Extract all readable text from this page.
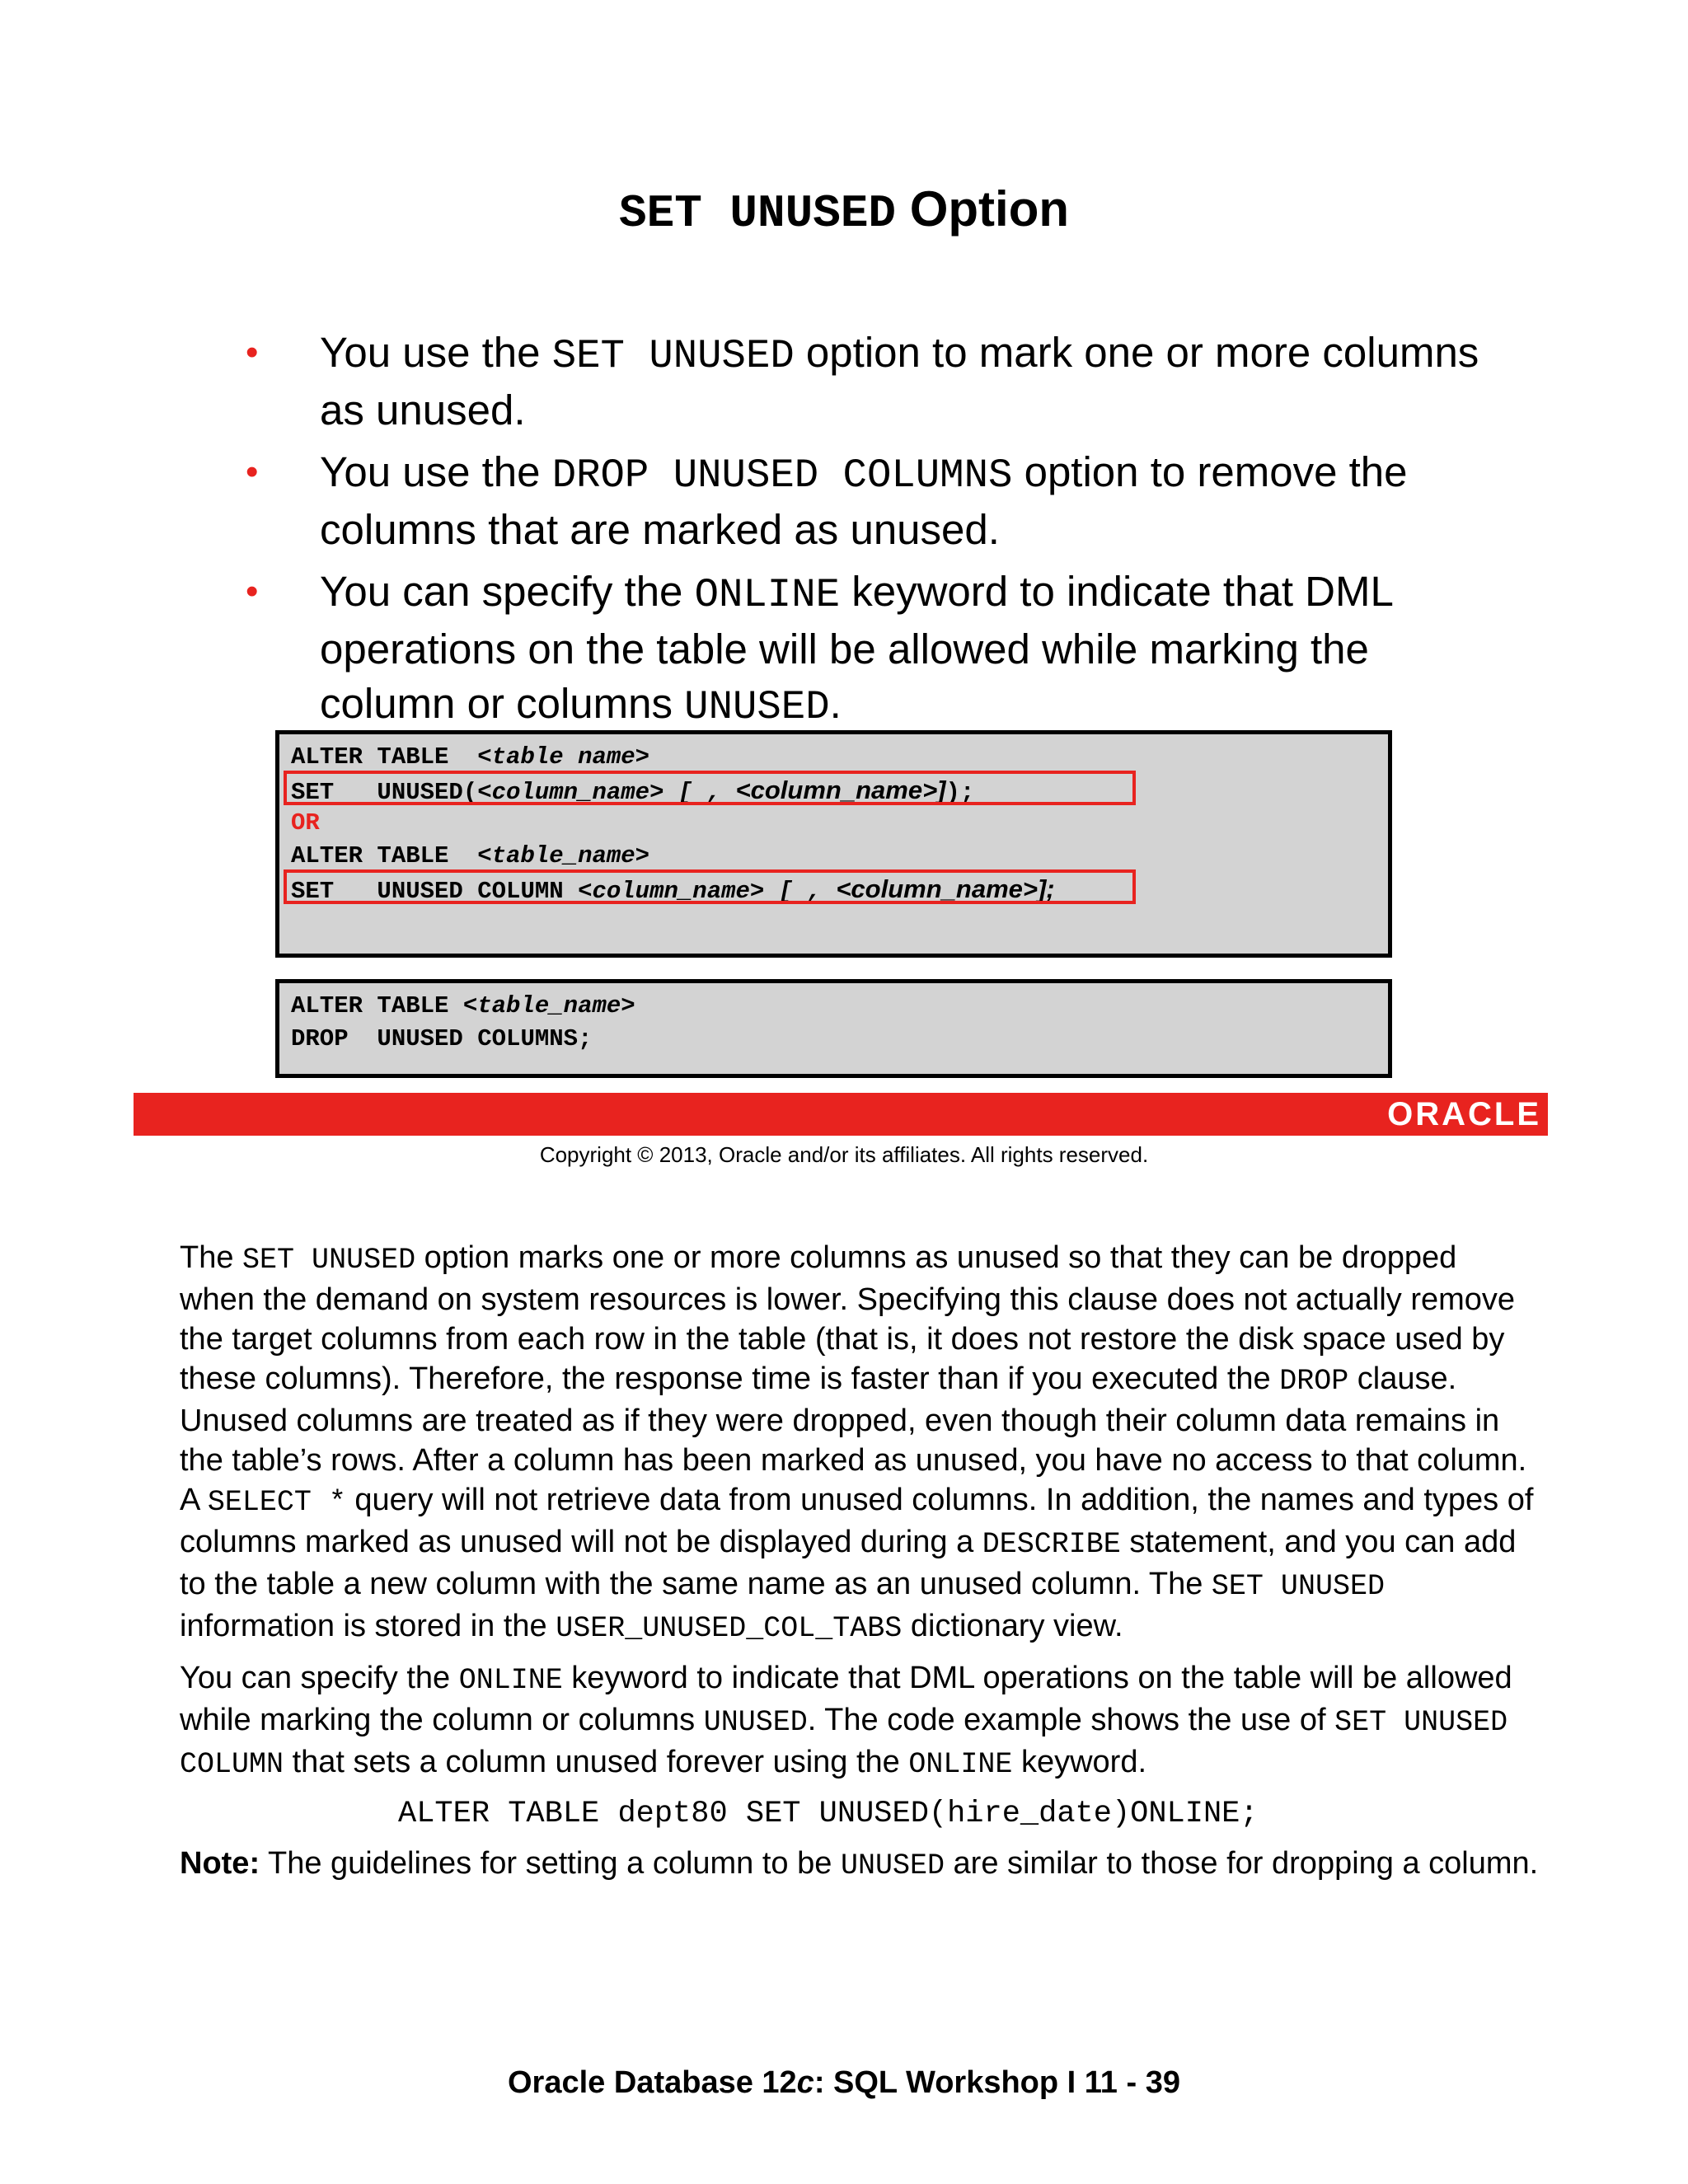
SET UNUSED Option
• You use the SET UNUSED option to mark one or more columns as unused.
• You use the DROP UNUSED COLUMNS option to remove the columns that are marked as unused.
• You can specify the ONLINE keyword to indicate that DML operations on the table will be allowed while marking the column or columns UNUSED.
ALTER TABLE  <table name>
SET   UNUSED(<column_name> [ , <column_name>]);
OR
ALTER TABLE  <table_name>
SET   UNUSED COLUMN <column_name> [ , <column_name>];
ALTER TABLE <table_name>
DROP  UNUSED COLUMNS;
ORACLE
Copyright © 2013, Oracle and/or its affiliates. All rights reserved.

The SET UNUSED option marks one or more columns as unused so that they can be dropped when the demand on system resources is lower. Specifying this clause does not actually remove the target columns from each row in the table (that is, it does not restore the disk space used by these columns). Therefore, the response time is faster than if you executed the DROP clause. Unused columns are treated as if they were dropped, even though their column data remains in the table’s rows. After a column has been marked as unused, you have no access to that column. A SELECT * query will not retrieve data from unused columns. In addition, the names and types of columns marked as unused will not be displayed during a DESCRIBE statement, and you can add to the table a new column with the same name as an unused column. The SET UNUSED information is stored in the USER_UNUSED_COL_TABS dictionary view.

You can specify the ONLINE keyword to indicate that DML operations on the table will be allowed while marking the column or columns UNUSED. The code example shows the use of SET UNUSED COLUMN that sets a column unused forever using the ONLINE keyword.

ALTER TABLE dept80 SET UNUSED(hire_date)ONLINE;

Note: The guidelines for setting a column to be UNUSED are similar to those for dropping a column.

Oracle Database 12c: SQL Workshop I 11 - 39
